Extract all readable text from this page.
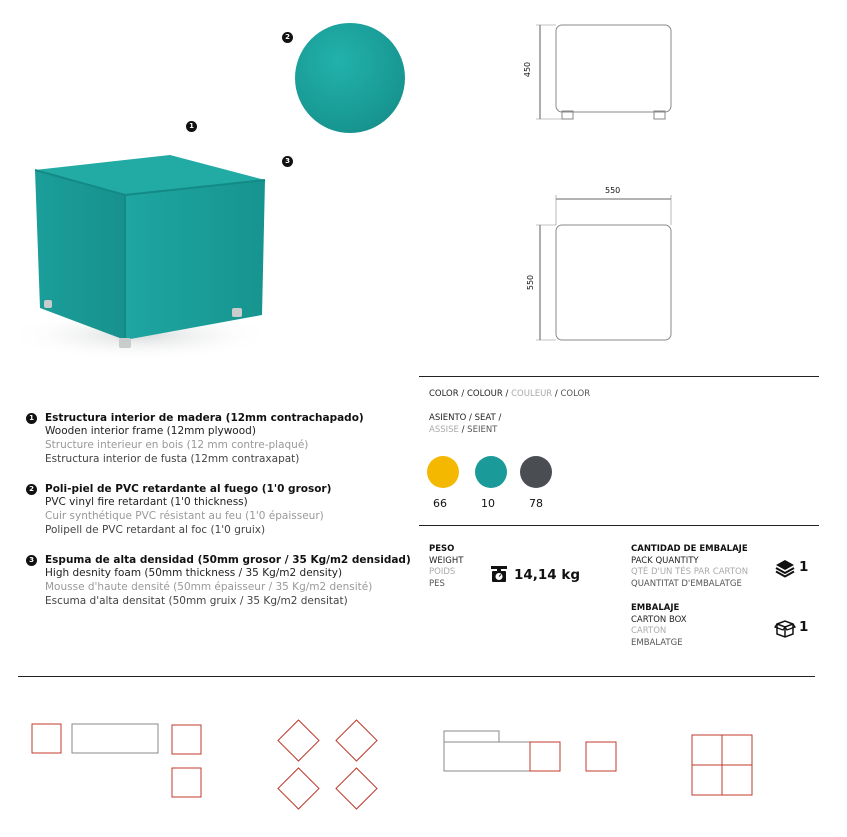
1
2
3
450
550
550
1 Estructura interior de madera (12mm contrachapado)
Wooden interior frame (12mm plywood)
Structure interieur en bois (12 mm contre-plaqué)
Estructura interior de fusta (12mm contraxapat)
2 Poli-piel de PVC retardante al fuego (1'0 grosor)
PVC vinyl fire retardant (1'0 thickness)
Cuir synthétique PVC résistant au feu (1'0 épaisseur)
Polipell de PVC retardant al foc (1'0 gruix)
3 Espuma de alta densidad (50mm grosor / 35 Kg/m2 densidad)
High desnity foam (50mm thickness / 35 Kg/m2 density)
Mousse d'haute densité (50mm épaisseur / 35 Kg/m2 densité)
Escuma d'alta densitat (50mm gruix / 35 Kg/m2 densitat)
COLOR / COLOUR / COULEUR / COLOR
ASIENTO / SEAT /
ASSISE / SEIENT
66	10	78
PESO
WEIGHT
POIDS
PES
14,14 kg
CANTIDAD DE EMBALAJE
PACK QUANTITY
QTÉ D'UN TÉS PAR CARTON
QUANTITAT D'EMBALATGE
1
EMBALAJE
CARTON BOX
CARTON
EMBALATGE
1
